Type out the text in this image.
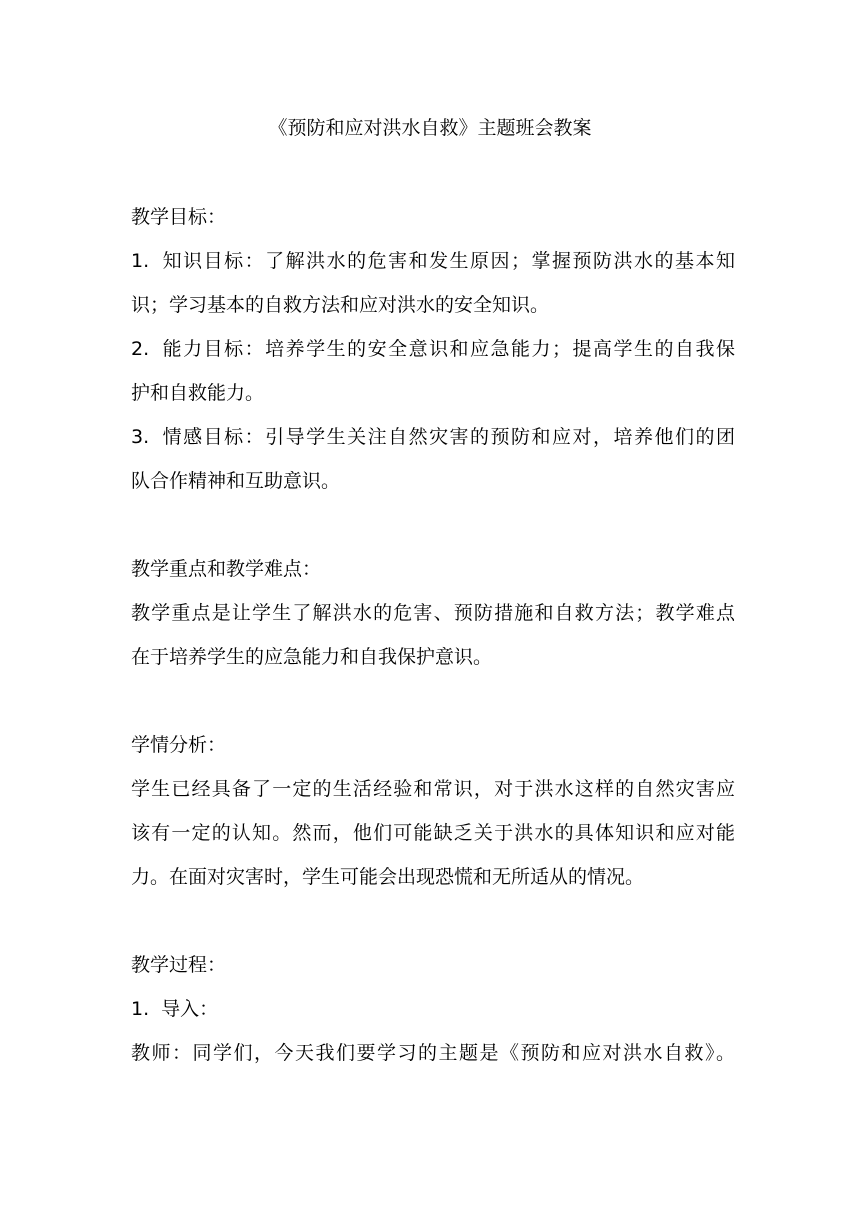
《预防和应对洪水自救》主题班会教案
教学目标：
1. 知识目标：了解洪水的危害和发生原因；掌握预防洪水的基本知
识；学习基本的自救方法和应对洪水的安全知识。
2. 能力目标：培养学生的安全意识和应急能力；提高学生的自我保
护和自救能力。
3. 情感目标：引导学生关注自然灾害的预防和应对，培养他们的团
队合作精神和互助意识。
教学重点和教学难点：
教学重点是让学生了解洪水的危害、预防措施和自救方法；教学难点
在于培养学生的应急能力和自我保护意识。
学情分析：
学生已经具备了一定的生活经验和常识，对于洪水这样的自然灾害应
该有一定的认知。然而，他们可能缺乏关于洪水的具体知识和应对能
力。在面对灾害时，学生可能会出现恐慌和无所适从的情况。
教学过程：
1. 导入：
教师：同学们，今天我们要学习的主题是《预防和应对洪水自救》。
